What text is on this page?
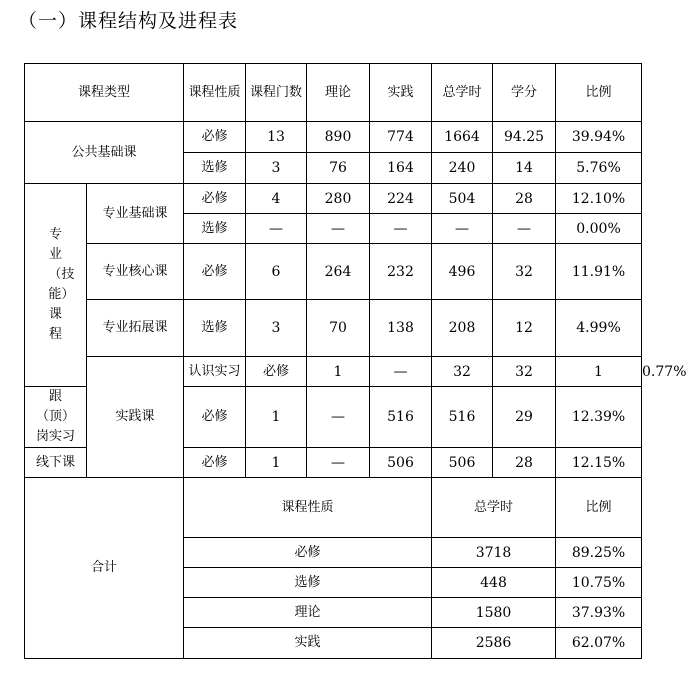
（一）课程结构及进程表
课程类型		课程性质	课程门数	理论	实践	总学时	学分	比例	
公共基础课		必修	13	890	774	1664	94.25	39.94%	
		选修	3	76	164	240	14	5.76%	

专业（技能）课程	专业基础课	必修	4	280	224	504	28	12.10%	
		选修	—	—	—	—	—	0.00%	
	专业核心课	必修	6	264	232	496	32	11.91%	
	专业拓展课	选修	3	70	138	208	12	4.99%	
	实践课	认识实习	必修	1	—	32	32	1	0.77%

跟（顶）岗实习		必修	1	—	516	516	29	12.39%	
线下课		必修	1	—	506	506	28	12.15%	
合计		课程性质				总学时		比例	
		必修				3718		89.25%	
		选修				448		10.75%	
		理论				1580		37.93%	
		实践				2586		62.07%	
